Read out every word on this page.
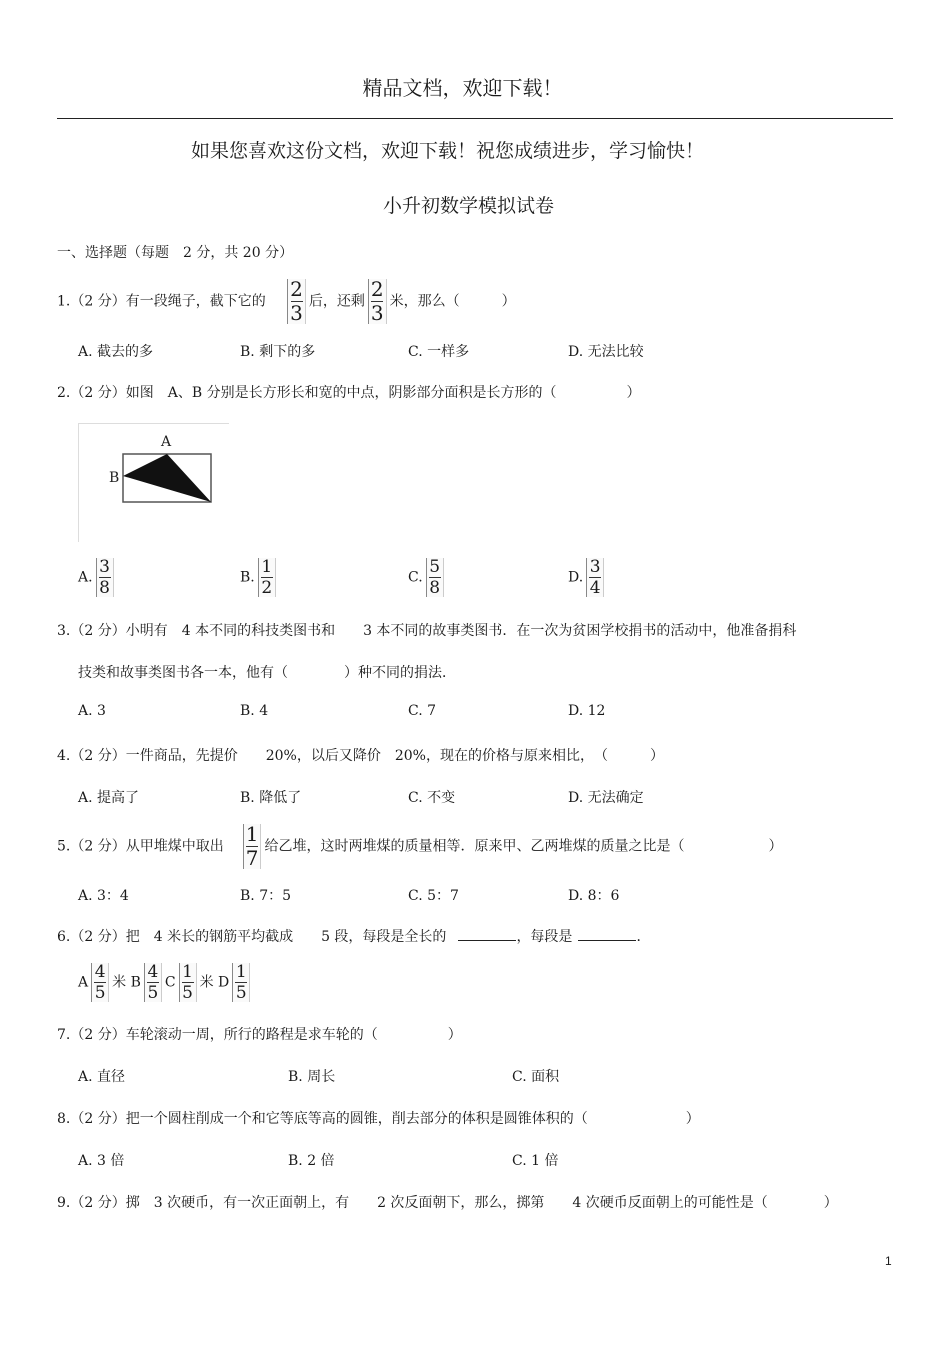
精品文档，欢迎下载！
如果您喜欢这份文档，欢迎下载！祝您成绩进步，学习愉快！
小升初数学模拟试卷
一、选择题（每题　2 分，共 20 分）
1.（2 分）有一段绳子，截下它的 $\frac{2}{3}$ 后，还剩 $\frac{2}{3}$ 米，那么（　　　）
A. 截去的多	B. 剩下的多	C. 一样多	D. 无法比较
2.（2 分）如图　A、B 分别是长方形长和宽的中点，阴影部分面积是长方形的（　　　　　）
A
B
A. $\frac{3}{8}$	B. $\frac{1}{2}$	C. $\frac{5}{8}$	D. $\frac{3}{4}$
3.（2 分）小明有　4 本不同的科技类图书和　　3 本不同的故事类图书．在一次为贫困学校捐书的活动中，他准备捐科
技类和故事类图书各一本，他有（　　　　）种不同的捐法．
A. 3	B. 4	C. 7	D. 12
4.（2 分）一件商品，先提价　　20%，以后又降价　20%，现在的价格与原来相比，　（　　　）
A. 提高了	B. 降低了	C. 不变	D. 无法确定
5.（2 分）从甲堆煤中取出 $\frac{1}{7}$ 给乙堆，这时两堆煤的质量相等．原来甲、乙两堆煤的质量之比是（　　　　　　）
A. 3：4	B. 7：5	C. 5：7	D. 8：6
6.（2 分）把　4 米长的钢筋平均截成　　5 段，每段是全长的	，每段是	．
A $\frac{4}{5}$ 米 B $\frac{4}{5}$ C $\frac{1}{5}$ 米 D $\frac{1}{5}$
7.（2 分）车轮滚动一周，所行的路程是求车轮的（　　　　　）
A. 直径	B. 周长	C. 面积
8.（2 分）把一个圆柱削成一个和它等底等高的圆锥，削去部分的体积是圆锥体积的（　　　　　　　）
A. 3 倍	B. 2 倍	C. 1 倍
9.（2 分）掷　3 次硬币，有一次正面朝上，有　　2 次反面朝下，那么，掷第　　4 次硬币反面朝上的可能性是（　　　　）
1
